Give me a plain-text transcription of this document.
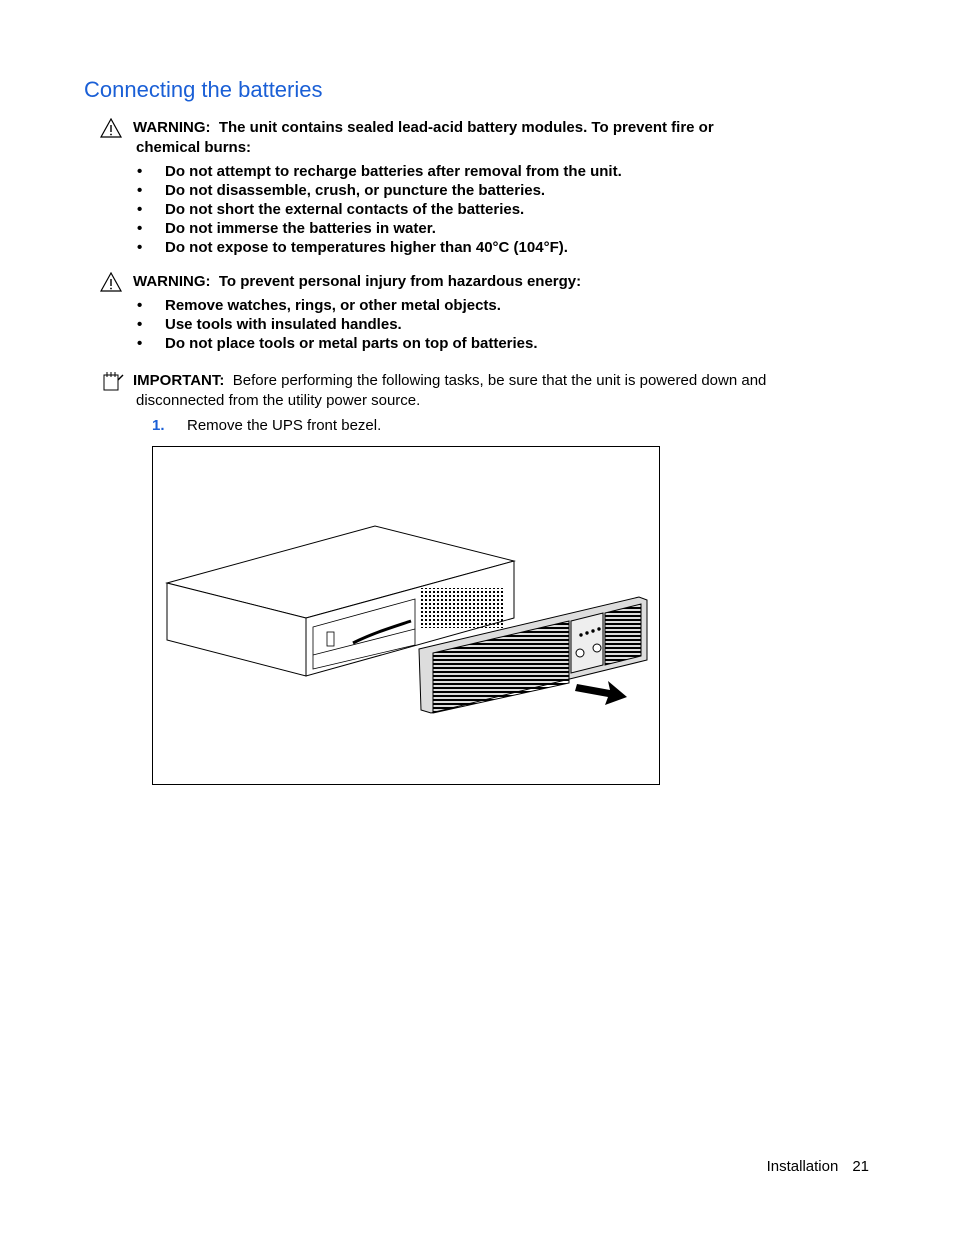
Connecting the batteries
WARNING: The unit contains sealed lead-acid battery modules. To prevent fire or
chemical burns:
• Do not attempt to recharge batteries after removal from the unit.
• Do not disassemble, crush, or puncture the batteries.
• Do not short the external contacts of the batteries.
• Do not immerse the batteries in water.
• Do not expose to temperatures higher than 40°C (104°F).
WARNING: To prevent personal injury from hazardous energy:
• Remove watches, rings, or other metal objects.
• Use tools with insulated handles.
• Do not place tools or metal parts on top of batteries.
IMPORTANT: Before performing the following tasks, be sure that the unit is powered down and
disconnected from the utility power source.
1. Remove the UPS front bezel.
Installation 21
